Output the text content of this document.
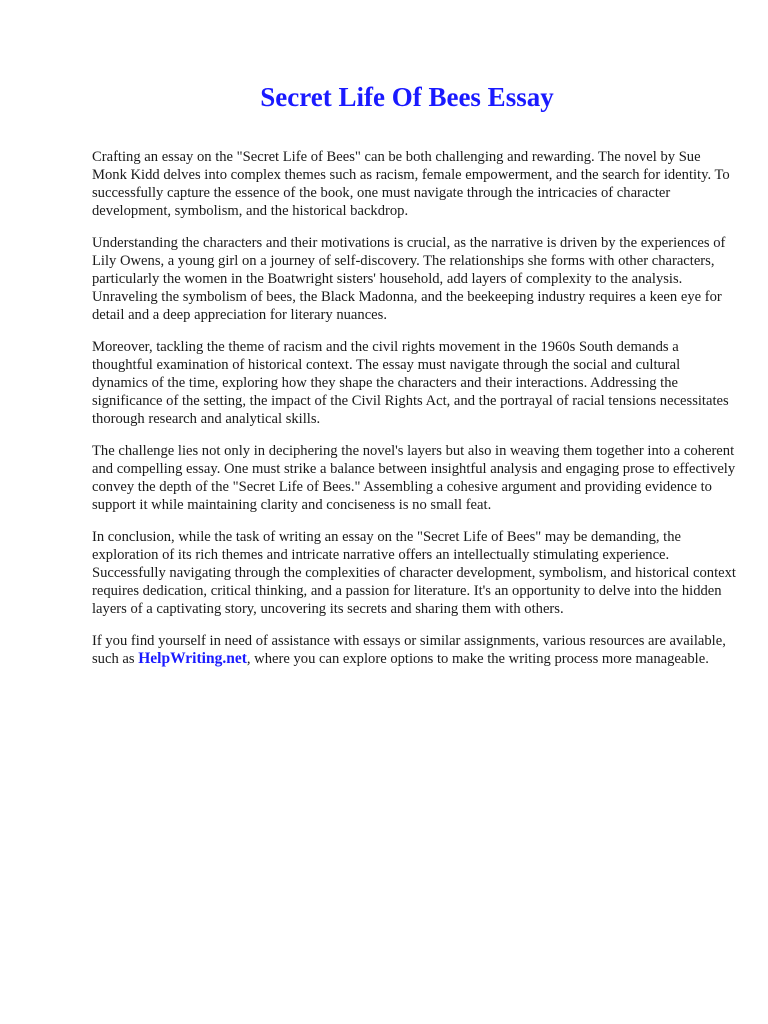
Secret Life Of Bees Essay

Crafting an essay on the "Secret Life of Bees" can be both challenging and rewarding. The novel by Sue Monk Kidd delves into complex themes such as racism, female empowerment, and the search for identity. To successfully capture the essence of the book, one must navigate through the intricacies of character development, symbolism, and the historical backdrop.

Understanding the characters and their motivations is crucial, as the narrative is driven by the experiences of Lily Owens, a young girl on a journey of self-discovery. The relationships she forms with other characters, particularly the women in the Boatwright sisters' household, add layers of complexity to the analysis. Unraveling the symbolism of bees, the Black Madonna, and the beekeeping industry requires a keen eye for detail and a deep appreciation for literary nuances.

Moreover, tackling the theme of racism and the civil rights movement in the 1960s South demands a thoughtful examination of historical context. The essay must navigate through the social and cultural dynamics of the time, exploring how they shape the characters and their interactions. Addressing the significance of the setting, the impact of the Civil Rights Act, and the portrayal of racial tensions necessitates thorough research and analytical skills.

The challenge lies not only in deciphering the novel's layers but also in weaving them together into a coherent and compelling essay. One must strike a balance between insightful analysis and engaging prose to effectively convey the depth of the "Secret Life of Bees." Assembling a cohesive argument and providing evidence to support it while maintaining clarity and conciseness is no small feat.

In conclusion, while the task of writing an essay on the "Secret Life of Bees" may be demanding, the exploration of its rich themes and intricate narrative offers an intellectually stimulating experience. Successfully navigating through the complexities of character development, symbolism, and historical context requires dedication, critical thinking, and a passion for literature. It's an opportunity to delve into the hidden layers of a captivating story, uncovering its secrets and sharing them with others.

If you find yourself in need of assistance with essays or similar assignments, various resources are available, such as HelpWriting.net, where you can explore options to make the writing process more manageable.
